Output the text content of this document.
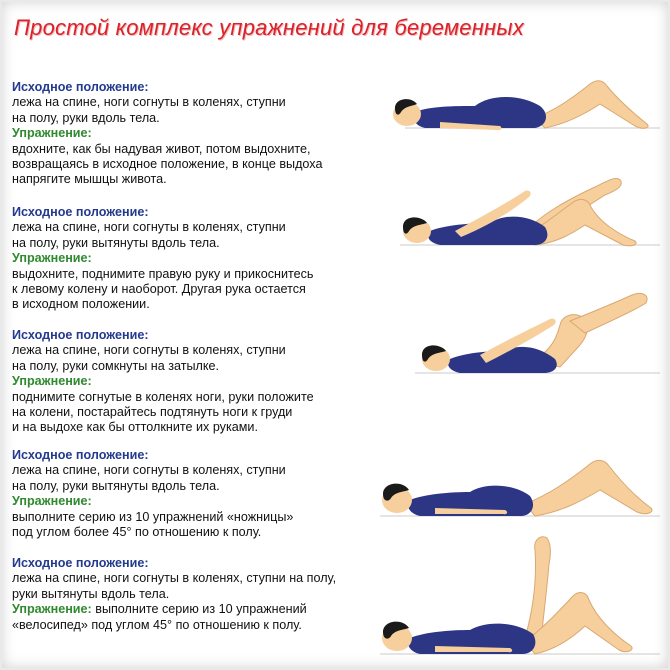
Простой комплекс упражнений для беременных
Исходное положение:
лежа на спине, ноги согнуты в коленях, ступни
на полу, руки вдоль тела.
Упражнение:
вдохните, как бы надувая живот, потом выдохните,
возвращаясь в исходное положение, в конце выдоха
напрягите мышцы живота.
Исходное положение:
лежа на спине, ноги согнуты в коленях, ступни
на полу, руки вытянуты вдоль тела.
Упражнение:
выдохните, поднимите правую руку и прикоснитесь
к левому колену и наоборот. Другая рука остается
в исходном положении.
Исходное положение:
лежа на спине, ноги согнуты в коленях, ступни
на полу, руки сомкнуты на затылке.
Упражнение:
поднимите согнутые в коленях ноги, руки положите
на колени, постарайтесь подтянуть ноги к груди
и на выдохе как бы оттолкните их руками.
Исходное положение:
лежа на спине, ноги согнуты в коленях, ступни
на полу, руки вытянуты вдоль тела.
Упражнение:
выполните серию из 10 упражнений «ножницы»
под углом более 45° по отношению к полу.
Исходное положение:
лежа на спине, ноги согнуты в коленях, ступни на полу,
руки вытянуты вдоль тела.
Упражнение: выполните серию из 10 упражнений
«велосипед» под углом 45° по отношению к полу.
